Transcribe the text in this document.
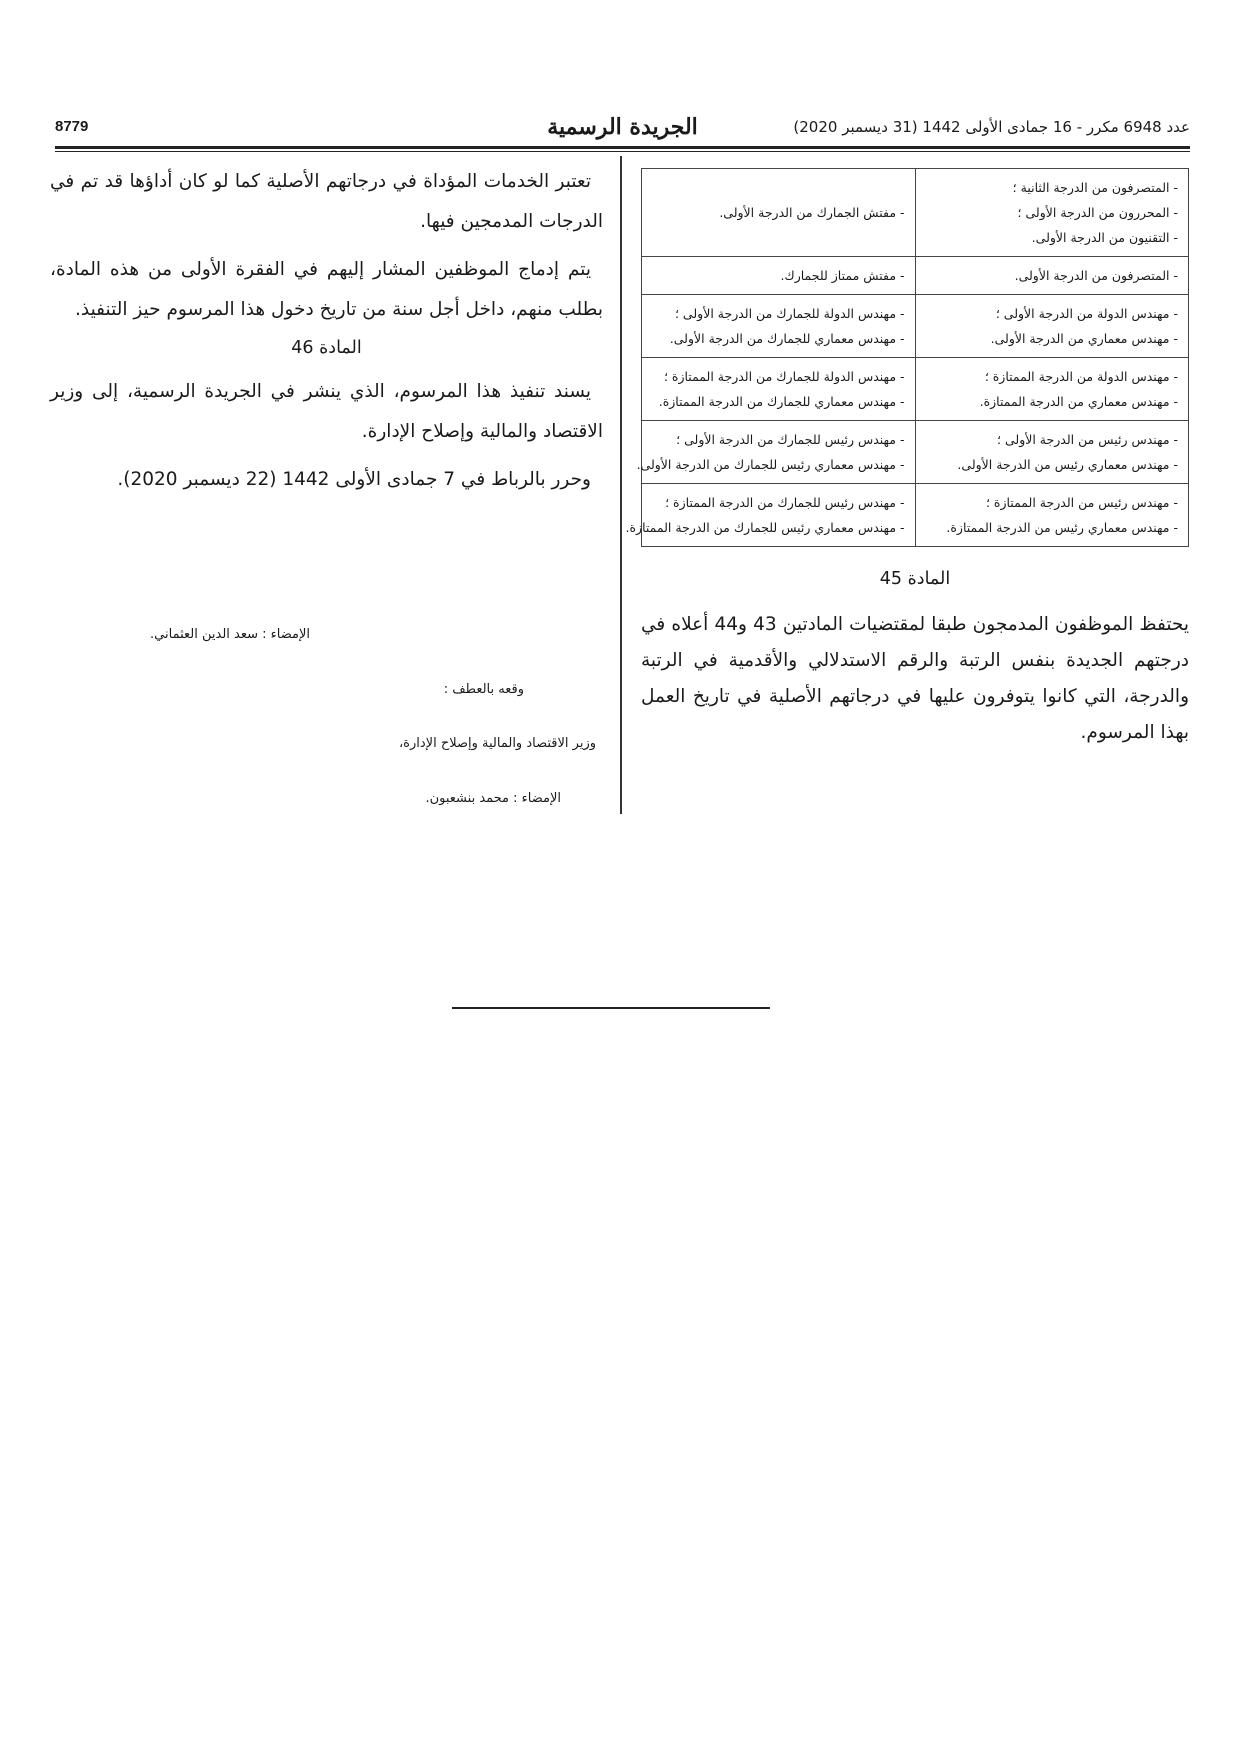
عدد 6948 مكرر - 16 جمادى الأولى 1442 (31 ديسمبر 2020)
الجريدة الرسمية
8779
- المتصرفون من الدرجة الثانية ؛
- المحررون من الدرجة الأولى ؛
- التقنيون من الدرجة الأولى.	- مفتش الجمارك من الدرجة الأولى.

- المتصرفون من الدرجة الأولى.	- مفتش ممتاز للجمارك.

- مهندس الدولة من الدرجة الأولى ؛
- مهندس معماري من الدرجة الأولى.	- مهندس الدولة للجمارك من الدرجة الأولى ؛
- مهندس معماري للجمارك من الدرجة الأولى.

- مهندس الدولة من الدرجة الممتازة ؛
- مهندس معماري من الدرجة الممتازة.	- مهندس الدولة للجمارك من الدرجة الممتازة ؛
- مهندس معماري للجمارك من الدرجة الممتازة.

- مهندس رئيس من الدرجة الأولى ؛
- مهندس معماري رئيس من الدرجة الأولى.	- مهندس رئيس للجمارك من الدرجة الأولى ؛
- مهندس معماري رئيس للجمارك من الدرجة الأولى.

- مهندس رئيس من الدرجة الممتازة ؛
- مهندس معماري رئيس من الدرجة الممتازة.	- مهندس رئيس للجمارك من الدرجة الممتازة ؛
- مهندس معماري رئيس للجمارك من الدرجة الممتازة.
المادة 45

يحتفظ الموظفون المدمجون طبقا لمقتضيات المادتين 43 و44 أعلاه في درجتهم الجديدة بنفس الرتبة والرقم الاستدلالي والأقدمية في الرتبة والدرجة، التي كانوا يتوفرون عليها في درجاتهم الأصلية في تاريخ العمل بهذا المرسوم.

تعتبر الخدمات المؤداة في درجاتهم الأصلية كما لو كان أداؤها قد تم في الدرجات المدمجين فيها.

يتم إدماج الموظفين المشار إليهم في الفقرة الأولى من هذه المادة، بطلب منهم، داخل أجل سنة من تاريخ دخول هذا المرسوم حيز التنفيذ.

المادة 46

يسند تنفيذ هذا المرسوم، الذي ينشر في الجريدة الرسمية، إلى وزير الاقتصاد والمالية وإصلاح الإدارة.

وحرر بالرباط في 7 جمادى الأولى 1442 (22 ديسمبر 2020).

الإمضاء : سعد الدين العثماني.
وقعه بالعطف :
وزير الاقتصاد والمالية وإصلاح الإدارة،
الإمضاء : محمد بنشعبون.
